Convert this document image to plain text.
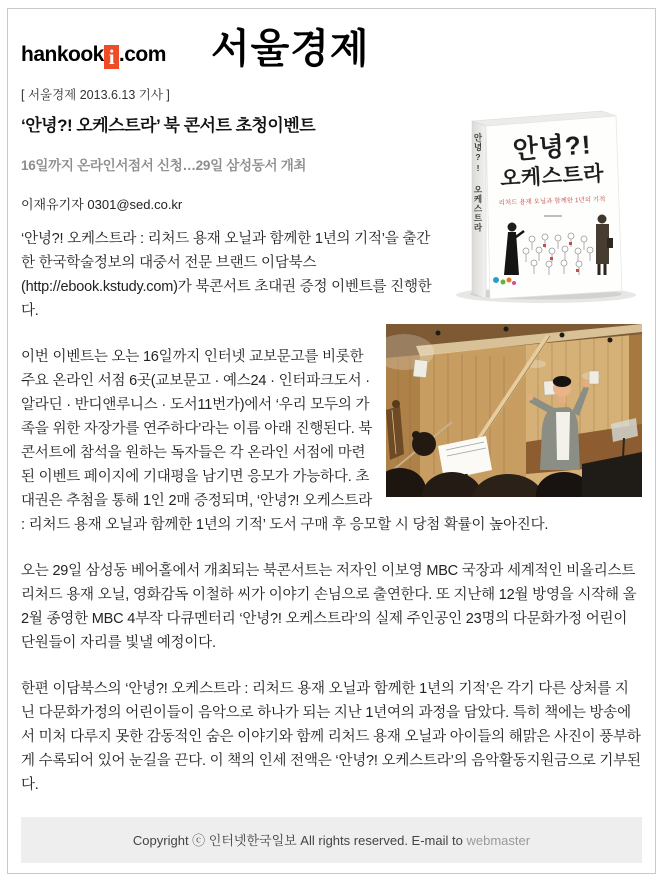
hankook i .com	서울경제
[ 서울경제 2013.6.13 기사 ]
안녕?!
오케스트라
리처드 용재 오닐과 함께한 1년의 기적
안녕?! 오케스트라
‘안녕?! 오케스트라’ 북 콘서트 초청이벤트
16일까지 온라인서점서 신청…29일 삼성동서 개최
이재유기자 0301@sed.co.kr

‘안녕?! 오케스트라 : 리처드 용재 오닐과 함께한 1년의 기적’을 출간한 한국학술정보의 대중서 전문 브랜드 이담북스(http://ebook.kstudy.com)가 북콘서트 초대권 증정 이벤트를 진행한다.

이번 이벤트는 오는 16일까지 인터넷 교보문고를 비롯한 주요 온라인 서점 6곳(교보문고 · 예스24 · 인터파크도서 · 알라딘 · 반디앤루니스 · 도서11번가)에서 ‘우리 모두의 가족을 위한 자장가를 연주하다’라는 이름 아래 진행된다. 북콘서트에 참석을 원하는 독자들은 각 온라인 서점에 마련된 이벤트 페이지에 기대평을 남기면 응모가 가능하다. 초대권은 추첨을 통해 1인 2매 증정되며, ‘안녕?! 오케스트라 : 리처드 용재 오닐과 함께한 1년의 기적’ 도서 구매 후 응모할 시 당첨 확률이 높아진다.

오는 29일 삼성동 베어홀에서 개최되는 북콘서트는 저자인 이보영 MBC 국장과 세계적인 비올리스트 리처드 용재 오닐, 영화감독 이철하 씨가 이야기 손님으로 출연한다. 또 지난해 12월 방영을 시작해 올 2월 종영한 MBC 4부작 다큐멘터리 ‘안녕?! 오케스트라’의 실제 주인공인 23명의 다문화가정 어린이 단원들이 자리를 빛낼 예정이다.

한편 이담북스의 ‘안녕?! 오케스트라 : 리처드 용재 오닐과 함께한 1년의 기적’은 각기 다른 상처를 지닌 다문화가정의 어린이들이 음악으로 하나가 되는 지난 1년여의 과정을 담았다. 특히 책에는 방송에서 미처 다루지 못한 감동적인 숨은 이야기와 함께 리처드 용재 오닐과 아이들의 해맑은 사진이 풍부하게 수록되어 있어 눈길을 끈다. 이 책의 인세 전액은 ‘안녕?! 오케스트라’의 음악활동지원금으로 기부된다.

Copyright ⓒ 인터넷한국일보 All rights reserved. E-mail to webmaster
